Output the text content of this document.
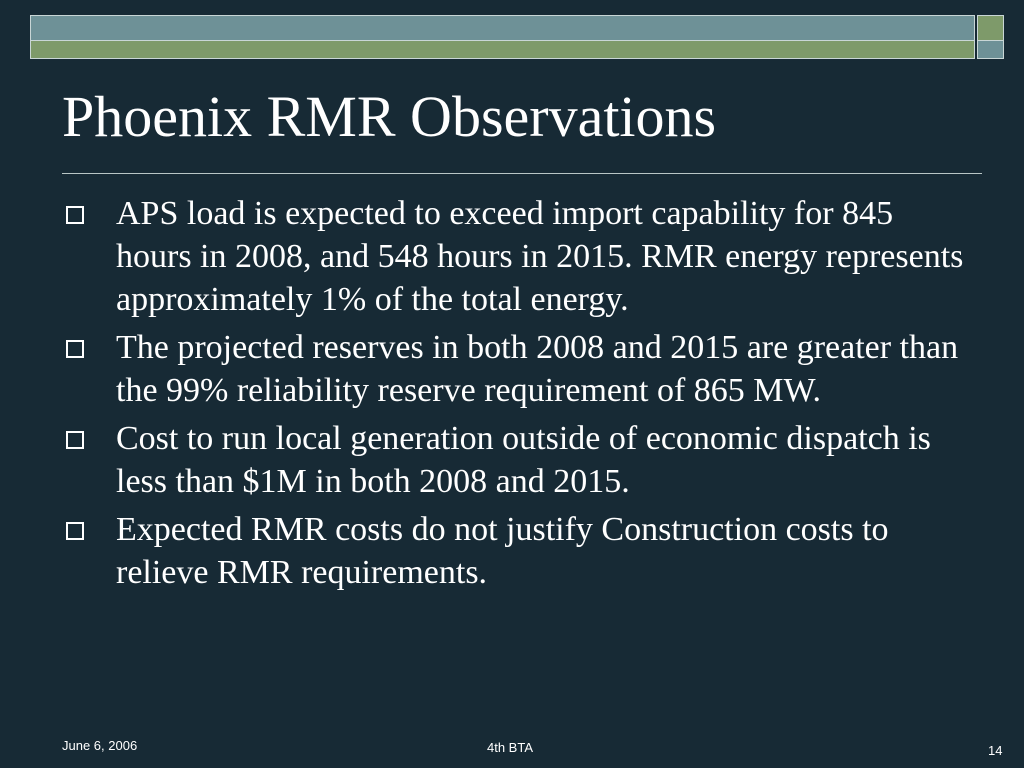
Phoenix RMR Observations
APS load is expected to exceed import capability for 845 hours in 2008, and 548 hours in 2015. RMR energy represents approximately 1% of the total energy.
The projected reserves in both 2008 and 2015 are greater than the 99% reliability reserve requirement of 865 MW.
Cost to run local generation outside of economic dispatch is less than $1M in both 2008 and 2015.
Expected RMR costs do not justify Construction costs to relieve RMR requirements.
June 6, 2006	4th BTA	14
